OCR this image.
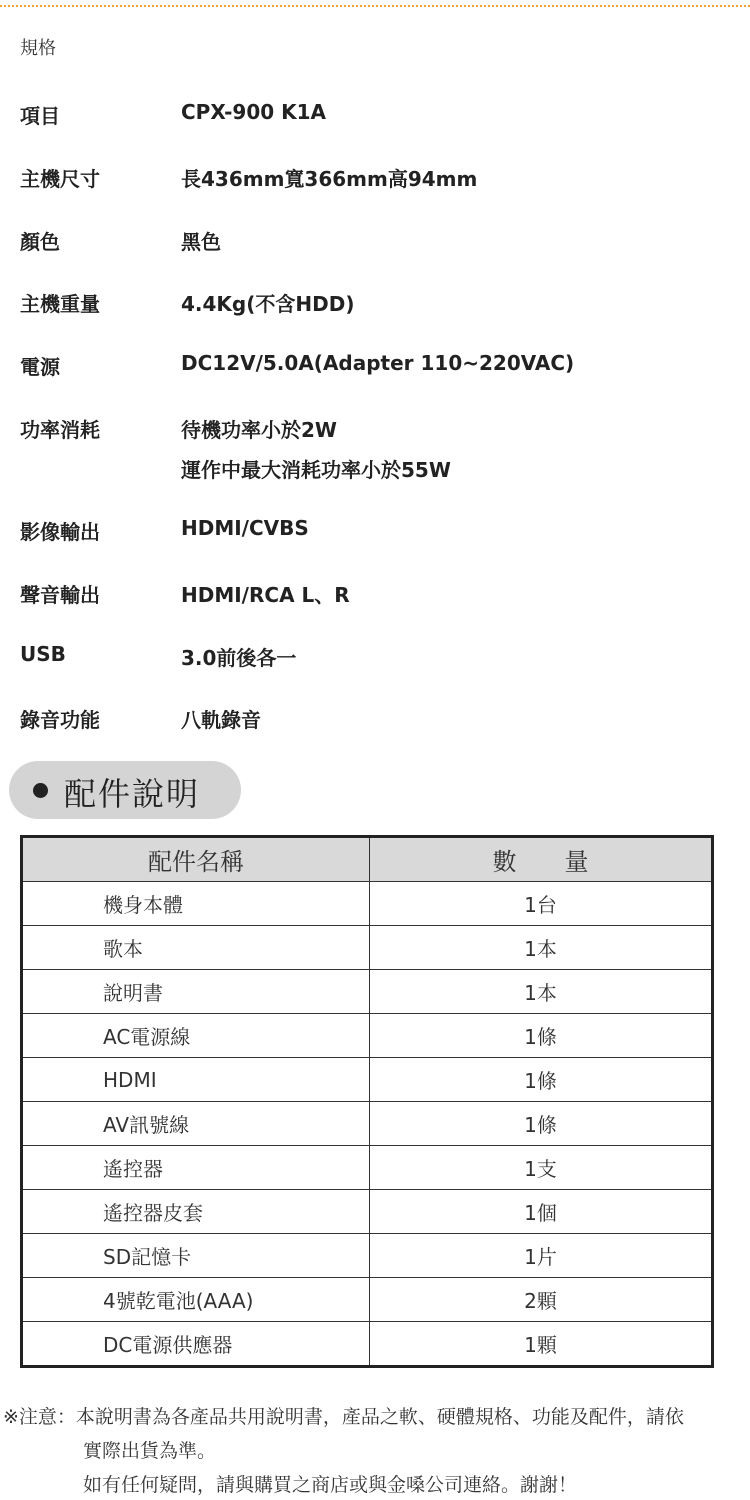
規格
項目	CPX-900 K1A
主機尺寸	長436mm寬366mm高94mm
顏色	黑色
主機重量	4.4Kg(不含HDD)
電源	DC12V/5.0A(Adapter 110~220VAC)
功率消耗	待機功率小於2W
運作中最大消耗功率小於55W
影像輸出	HDMI/CVBS
聲音輸出	HDMI/RCA L、R
USB	3.0前後各一
錄音功能	八軌錄音
配件說明
配件名稱	數　　量
機身本體	1台
歌本	1本
說明書	1本
AC電源線	1條
HDMI	1條
AV訊號線	1條
遙控器	1支
遙控器皮套	1個
SD記憶卡	1片
4號乾電池(AAA)	2顆
DC電源供應器	1顆
※注意：本說明書為各產品共用說明書，產品之軟、硬體規格、功能及配件，請依
實際出貨為準。
如有任何疑問，請與購買之商店或與金嗓公司連絡。謝謝！
